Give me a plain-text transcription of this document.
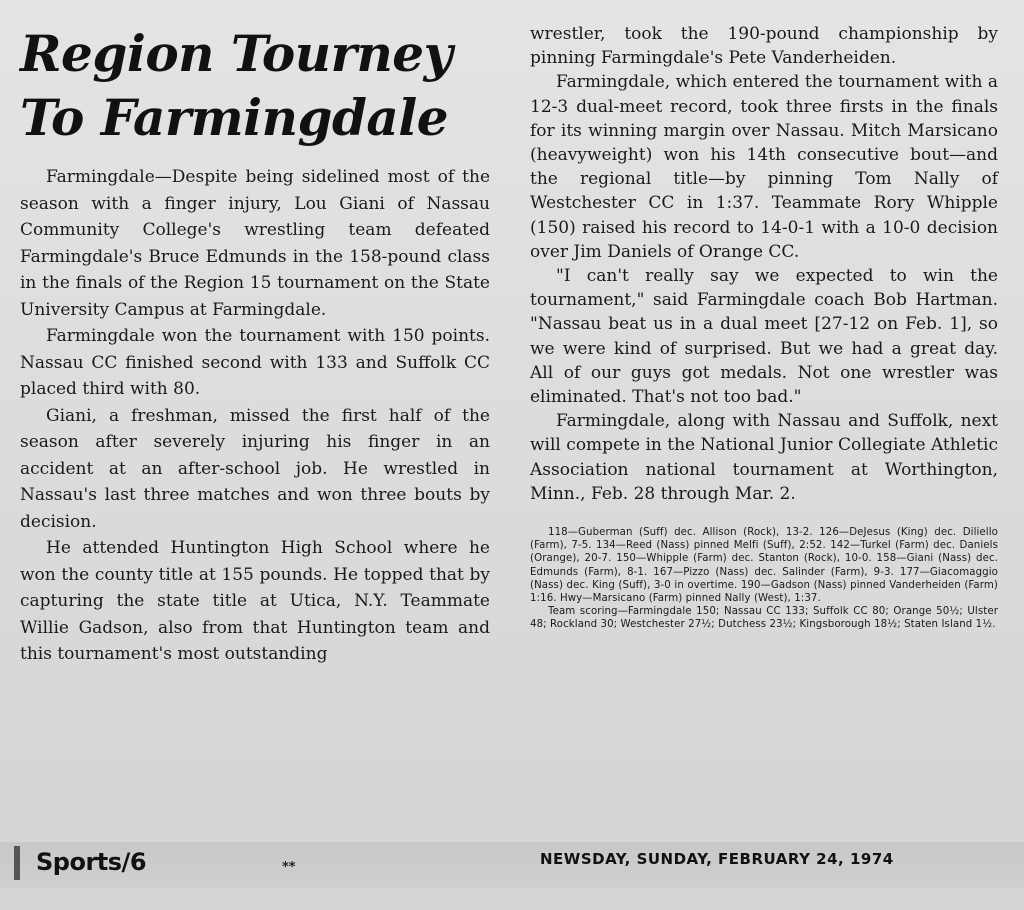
Region Tourney To Farmingdale

Farmingdale—Despite being sidelined most of the season with a finger injury, Lou Giani of Nassau Community College's wrestling team defeated Farmingdale's Bruce Edmunds in the 158-pound class in the finals of the Region 15 tournament on the State University Campus at Farmingdale.

Farmingdale won the tournament with 150 points. Nassau CC finished second with 133 and Suffolk CC placed third with 80.

Giani, a freshman, missed the first half of the season after severely injuring his finger in an accident at an after-school job. He wrestled in Nassau's last three matches and won three bouts by decision.

He attended Huntington High School where he won the county title at 155 pounds. He topped that by capturing the state title at Utica, N.Y. Teammate Willie Gadson, also from that Huntington team and this tournament's most outstanding

wrestler, took the 190-pound championship by pinning Farmingdale's Pete Vanderheiden.

Farmingdale, which entered the tournament with a 12-3 dual-meet record, took three firsts in the finals for its winning margin over Nassau. Mitch Marsicano (heavyweight) won his 14th consecutive bout—and the regional title—by pinning Tom Nally of Westchester CC in 1:37. Teammate Rory Whipple (150) raised his record to 14-0-1 with a 10-0 decision over Jim Daniels of Orange CC.

"I can't really say we expected to win the tournament," said Farmingdale coach Bob Hartman. "Nassau beat us in a dual meet [27-12 on Feb. 1], so we were kind of surprised. But we had a great day. All of our guys got medals. Not one wrestler was eliminated. That's not too bad."

Farmingdale, along with Nassau and Suffolk, next will compete in the National Junior Collegiate Athletic Association national tournament at Worthington, Minn., Feb. 28 through Mar. 2.

118—Guberman (Suff) dec. Allison (Rock), 13-2. 126—DeJesus (King) dec. Diliello (Farm), 7-5. 134—Reed (Nass) pinned Melfi (Suff), 2:52. 142—Turkel (Farm) dec. Daniels (Orange), 20-7. 150—Whipple (Farm) dec. Stanton (Rock), 10-0. 158—Giani (Nass) dec. Edmunds (Farm), 8-1. 167—Pizzo (Nass) dec. Salinder (Farm), 9-3. 177—Giacomaggio (Nass) dec. King (Suff), 3-0 in overtime. 190—Gadson (Nass) pinned Vanderheiden (Farm) 1:16. Hwy—Marsicano (Farm) pinned Nally (West), 1:37.

Team scoring—Farmingdale 150; Nassau CC 133; Suffolk CC 80; Orange 50½; Ulster 48; Rockland 30; Westchester 27½; Dutchess 23½; Kingsborough 18½; Staten Island 1½.

Sports/6	**	NEWSDAY, SUNDAY, FEBRUARY 24, 1974
